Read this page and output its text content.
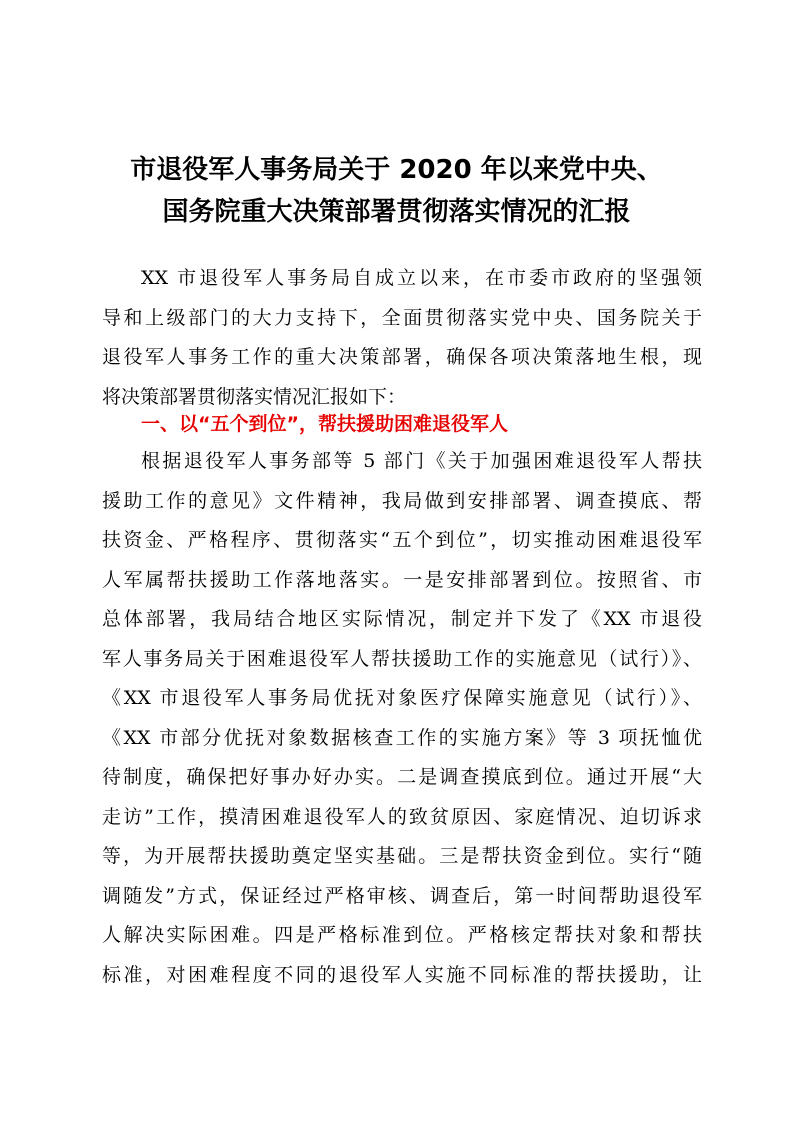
市退役军人事务局关于 2020 年以来党中央、
国务院重大决策部署贯彻落实情况的汇报

XX 市退役军人事务局自成立以来，在市委市政府的坚强领
导和上级部门的大力支持下，全面贯彻落实党中央、国务院关于
退役军人事务工作的重大决策部署，确保各项决策落地生根，现
将决策部署贯彻落实情况汇报如下：

一、以“五个到位”，帮扶援助困难退役军人

根据退役军人事务部等 5 部门《关于加强困难退役军人帮扶
援助工作的意见》文件精神，我局做到安排部署、调查摸底、帮
扶资金、严格程序、贯彻落实“五个到位”，切实推动困难退役军
人军属帮扶援助工作落地落实。一是安排部署到位。按照省、市
总体部署，我局结合地区实际情况，制定并下发了《XX 市退役
军人事务局关于困难退役军人帮扶援助工作的实施意见（试行）》、
《XX 市退役军人事务局优抚对象医疗保障实施意见（试行）》、
《XX 市部分优抚对象数据核查工作的实施方案》等 3 项抚恤优
待制度，确保把好事办好办实。二是调查摸底到位。通过开展“大
走访”工作，摸清困难退役军人的致贫原因、家庭情况、迫切诉求
等，为开展帮扶援助奠定坚实基础。三是帮扶资金到位。实行“随
调随发”方式，保证经过严格审核、调查后，第一时间帮助退役军
人解决实际困难。四是严格标准到位。严格核定帮扶对象和帮扶
标准，对困难程度不同的退役军人实施不同标准的帮扶援助，让
